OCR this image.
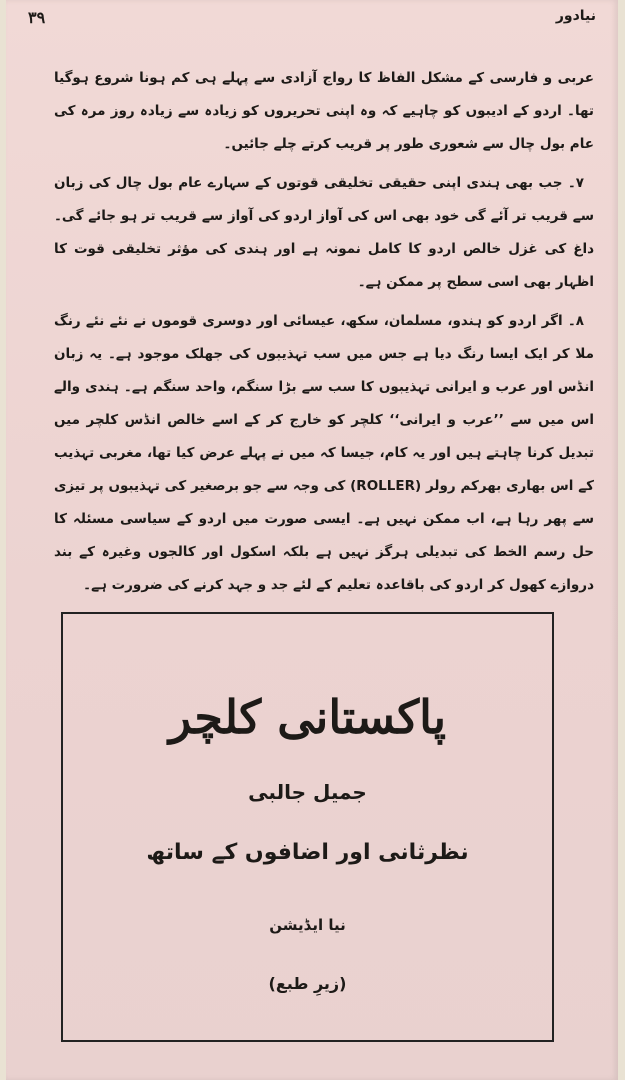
۳۹	نیادور

عربی و فارسی کے مشکل الفاظ کا رواج آزادی سے پہلے ہی کم ہونا شروع ہوگیا تھا۔ اردو کے ادیبوں کو چاہیے کہ وہ اپنی تحریروں کو زیادہ سے زیادہ روز مرہ کی عام بول چال سے شعوری طور پر قریب کرتے چلے جائیں۔

۷۔ جب بھی ہندی اپنی حقیقی تخلیقی قوتوں کے سہارے عام بول چال کی زبان سے قریب تر آئے گی خود بھی اس کی آواز اردو کی آواز سے قریب تر ہو جائے گی۔ داغ کی غزل خالص اردو کا کامل نمونہ ہے اور ہندی کی مؤثر تخلیقی قوت کا اظہار بھی اسی سطح پر ممکن ہے۔

۸۔ اگر اردو کو ہندو، مسلمان، سکھ، عیسائی اور دوسری قوموں نے نئے نئے رنگ ملا کر ایک ایسا رنگ دیا ہے جس میں سب تہذیبوں کی جھلک موجود ہے۔ یہ زبان انڈس اور عرب و ایرانی تہذیبوں کا سب سے بڑا سنگم، واحد سنگم ہے۔ ہندی والے اس میں سے ’’عرب و ایرانی‘‘ کلچر کو خارج کر کے اسے خالص انڈس کلچر میں تبدیل کرنا چاہتے ہیں اور یہ کام، جیسا کہ میں نے پہلے عرض کیا تھا، مغربی تہذیب کے اس بھاری بھرکم رولر (ROLLER) کی وجہ سے جو برصغیر کی تہذیبوں پر تیزی سے پھر رہا ہے، اب ممکن نہیں ہے۔ ایسی صورت میں اردو کے سیاسی مسئلہ کا حل رسم الخط کی تبدیلی ہرگز نہیں ہے بلکہ اسکول اور کالجوں وغیرہ کے بند دروازے کھول کر اردو کی باقاعدہ تعلیم کے لئے جد و جہد کرنے کی ضرورت ہے۔

پاکستانی کلچر
جمیل جالبی
نظرثانی اور اضافوں کے ساتھ
نیا ایڈیشن
(زیرِ طبع)
